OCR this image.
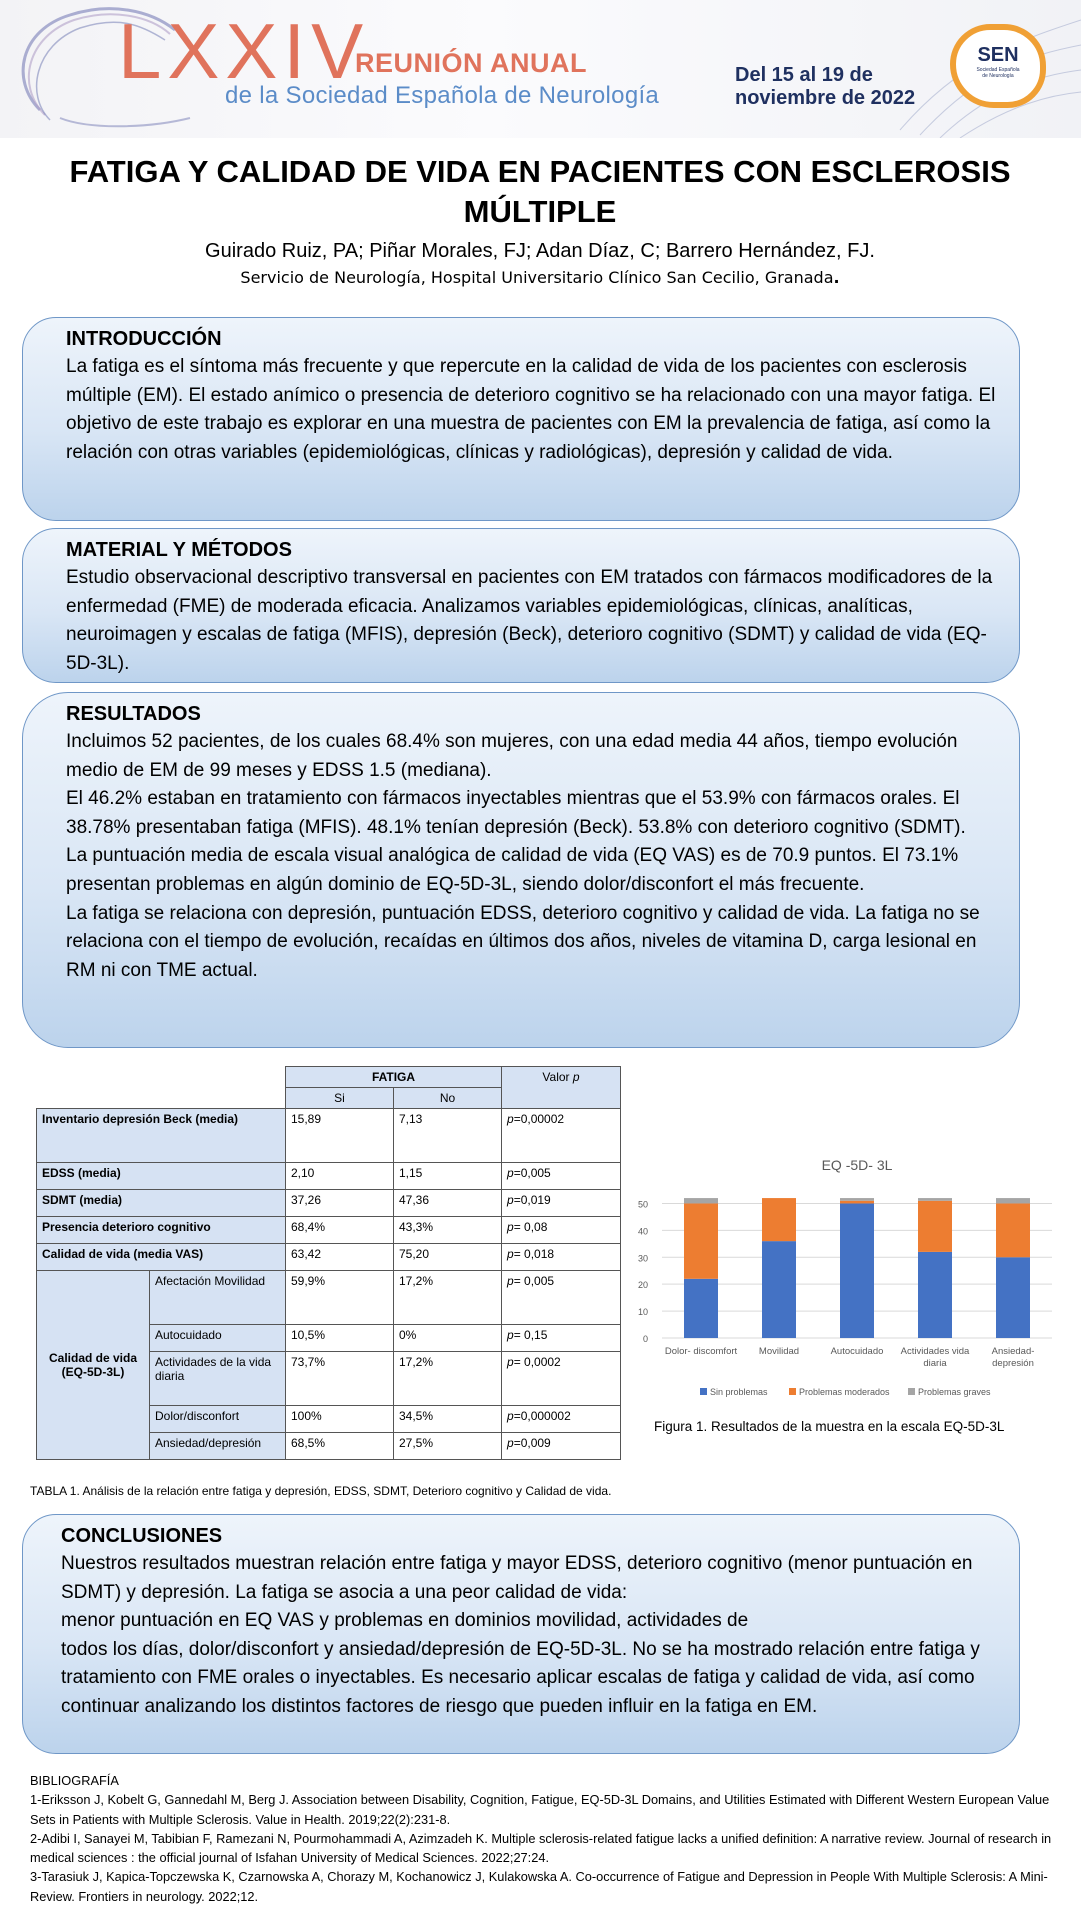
LXXIV
REUNIÓN ANUAL
de la Sociedad Española de Neurología
Del 15 al 19 de
noviembre de 2022
SEN
Sociedad Española
de Neurología
FATIGA Y CALIDAD DE VIDA EN PACIENTES CON ESCLEROSIS
MÚLTIPLE
Guirado Ruiz, PA; Piñar Morales, FJ; Adan Díaz, C; Barrero Hernández, FJ.
Servicio de Neurología, Hospital Universitario Clínico San Cecilio, Granada.
INTRODUCCIÓN

La fatiga es el síntoma más frecuente y que repercute en la calidad de vida de los pacientes con esclerosis múltiple (EM). El estado anímico o presencia de deterioro cognitivo se ha relacionado con una mayor fatiga. El objetivo de este trabajo es explorar en una muestra de pacientes con EM la prevalencia de fatiga, así como la relación con otras variables (epidemiológicas, clínicas y radiológicas), depresión y calidad de vida.

MATERIAL Y MÉTODOS

Estudio observacional descriptivo transversal en pacientes con EM tratados con fármacos modificadores de la enfermedad (FME) de moderada eficacia. Analizamos variables epidemiológicas, clínicas, analíticas, neuroimagen y escalas de fatiga (MFIS), depresión (Beck), deterioro cognitivo (SDMT) y calidad de vida (EQ-5D-3L).

RESULTADOS

Incluimos 52 pacientes, de los cuales 68.4% son mujeres, con una edad media 44 años, tiempo evolución medio de EM de 99 meses y EDSS 1.5 (mediana).

El 46.2% estaban en tratamiento con fármacos inyectables mientras que el 53.9% con fármacos orales. El 38.78% presentaban fatiga (MFIS). 48.1% tenían depresión (Beck). 53.8% con deterioro cognitivo (SDMT).

La puntuación media de escala visual analógica de calidad de vida (EQ VAS) es de 70.9 puntos. El 73.1% presentan problemas en algún dominio de EQ-5D-3L, siendo dolor/disconfort el más frecuente.

La fatiga se relaciona con depresión, puntuación EDSS, deterioro cognitivo y calidad de vida. La fatiga no se relaciona con el tiempo de evolución, recaídas en últimos dos años, niveles de vitamina D, carga lesional en RM ni con TME actual.

		FATIGA		Valor p
		Si	No	
Inventario depresión Beck (media)		15,89	7,13	p=0,00002
EDSS (media)		2,10	1,15	p=0,005
SDMT (media)		37,26	47,36	p=0,019
Presencia deterioro cognitivo		68,4%	43,3%	p= 0,08
Calidad de vida (media VAS)		63,42	75,20	p= 0,018
Calidad de vida (EQ-5D-3L)	Afectación Movilidad	59,9%	17,2%	p= 0,005
	Autocuidado	10,5%	0%	p= 0,15
	Actividades de la vida diaria	73,7%	17,2%	p= 0,0002
	Dolor/disconfort	100%	34,5%	p=0,000002
	Ansiedad/depresión	68,5%	27,5%	p=0,009
TABLA 1. Análisis de la relación entre fatiga y depresión, EDSS, SDMT, Deterioro cognitivo y Calidad de vida.
EQ -5D- 3L
0
10
20
30
40
50
Dolor- discomfort Movilidad	Autocuidado Actividades vida
diaria
Ansiedad-
depresión
Sin problemas	Problemas moderados	Problemas graves
Figura 1. Resultados de la muestra en la escala EQ-5D-3L
CONCLUSIONES

Nuestros resultados muestran relación entre fatiga y mayor EDSS, deterioro cognitivo (menor puntuación en SDMT) y depresión. La fatiga se asocia a una peor calidad de vida:

menor puntuación en EQ VAS y problemas en dominios movilidad, actividades de

todos los días, dolor/disconfort y ansiedad/depresión de EQ-5D-3L. No se ha mostrado relación entre fatiga y tratamiento con FME orales o inyectables. Es necesario aplicar escalas de fatiga y calidad de vida, así como continuar analizando los distintos factores de riesgo que pueden influir en la fatiga en EM.

BIBLIOGRAFÍA
1-Eriksson J, Kobelt G, Gannedahl M, Berg J. Association between Disability, Cognition, Fatigue, EQ-5D-3L Domains, and Utilities Estimated with Different Western European Value Sets in Patients with Multiple Sclerosis. Value in Health. 2019;22(2):231-8.
2-Adibi I, Sanayei M, Tabibian F, Ramezani N, Pourmohammadi A, Azimzadeh K. Multiple sclerosis-related fatigue lacks a unified definition: A narrative review. Journal of research in medical sciences : the official journal of Isfahan University of Medical Sciences. 2022;27:24.
3-Tarasiuk J, Kapica-Topczewska K, Czarnowska A, Chorazy M, Kochanowicz J, Kulakowska A. Co-occurrence of Fatigue and Depression in People With Multiple Sclerosis: A Mini-Review. Frontiers in neurology. 2022;12.
